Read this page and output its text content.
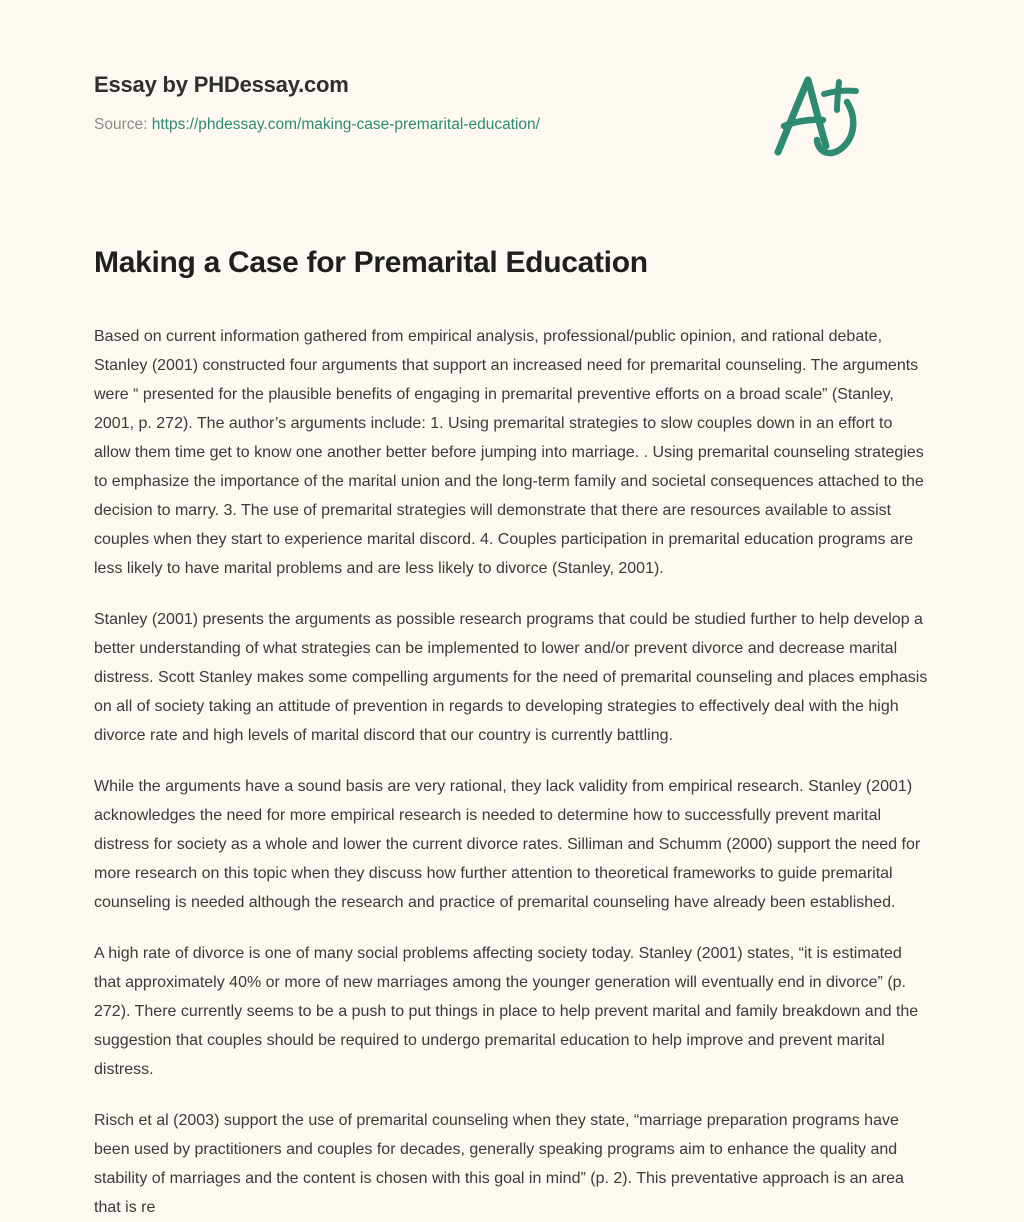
Essay by PHDessay.com
Source: https://phdessay.com/making-case-premarital-education/
Making a Case for Premarital Education

Based on current information gathered from empirical analysis, professional/public opinion, and rational debate, Stanley (2001) constructed four arguments that support an increased need for premarital counseling. The arguments were “ presented for the plausible benefits of engaging in premarital preventive efforts on a broad scale” (Stanley, 2001, p. 272). The author’s arguments include: 1. Using premarital strategies to slow couples down in an effort to allow them time get to know one another better before jumping into marriage. . Using premarital counseling strategies to emphasize the importance of the marital union and the long-term family and societal consequences attached to the decision to marry. 3. The use of premarital strategies will demonstrate that there are resources available to assist couples when they start to experience marital discord. 4. Couples participation in premarital education programs are less likely to have marital problems and are less likely to divorce (Stanley, 2001).

Stanley (2001) presents the arguments as possible research programs that could be studied further to help develop a better understanding of what strategies can be implemented to lower and/or prevent divorce and decrease marital distress. Scott Stanley makes some compelling arguments for the need of premarital counseling and places emphasis on all of society taking an attitude of prevention in regards to developing strategies to effectively deal with the high divorce rate and high levels of marital discord that our country is currently battling.

While the arguments have a sound basis are very rational, they lack validity from empirical research. Stanley (2001) acknowledges the need for more empirical research is needed to determine how to successfully prevent marital distress for society as a whole and lower the current divorce rates. Silliman and Schumm (2000) support the need for more research on this topic when they discuss how further attention to theoretical frameworks to guide premarital counseling is needed although the research and practice of premarital counseling have already been established.

A high rate of divorce is one of many social problems affecting society today. Stanley (2001) states, “it is estimated that approximately 40% or more of new marriages among the younger generation will eventually end in divorce” (p. 272). There currently seems to be a push to put things in place to help prevent marital and family breakdown and the suggestion that couples should be required to undergo premarital education to help improve and prevent marital distress.

Risch et al (2003) support the use of premarital counseling when they state, “marriage preparation programs have been used by practitioners and couples for decades, generally speaking programs aim to enhance the quality and stability of marriages and the content is chosen with this goal in mind” (p. 2). This preventative approach is an area that is re
